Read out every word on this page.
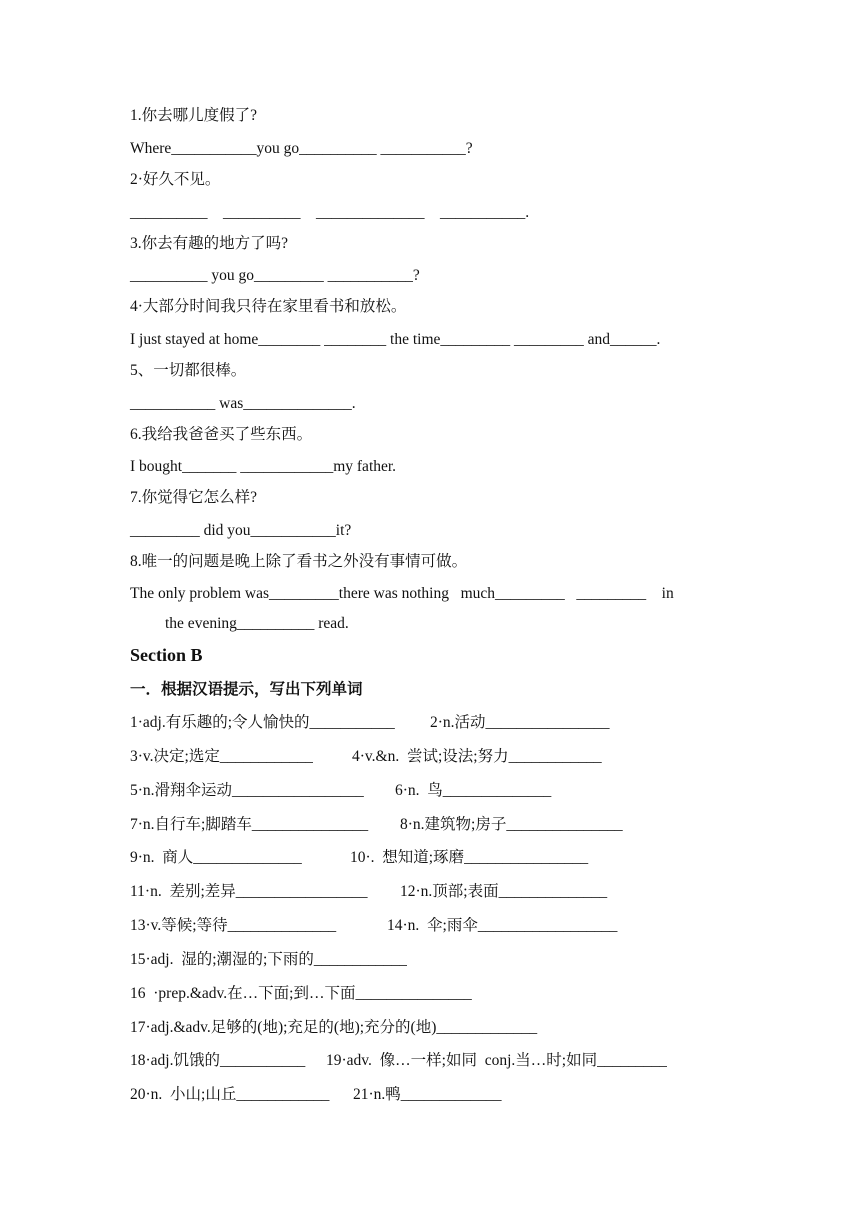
1.你去哪儿度假了?
Where___________you go__________ ___________?
2·好久不见。
__________    __________    ______________    ___________.
3.你去有趣的地方了吗?
__________ you go_________ ___________?
4·大部分时间我只待在家里看书和放松。
I just stayed at home________ ________ the time_________ _________ and______.
5、一切都很棒。
___________ was______________.
6.我给我爸爸买了些东西。
I bought_______ ____________my father.
7.你觉得它怎么样?
_________ did you___________it?
8.唯一的问题是晚上除了看书之外没有事情可做。
The only problem was_________there was nothing   much_________   _________    in
the evening__________ read.
Section B
一．根据汉语提示，写出下列单词
1·adj.有乐趣的;令人愉快的___________ 2·n.活动________________
3·v.决定;选定____________	4·v.&n.  尝试;设法;努力____________
5·n.滑翔伞运动_________________ 6·n.  鸟______________
7·n.自行车;脚踏车_______________ 8·n.建筑物;房子_______________
9·n.  商人______________	10·.  想知道;琢磨________________
11·n.  差别;差异_________________ 12·n.顶部;表面______________
13·v.等候;等待______________	14·n.  伞;雨伞__________________
15·adj.  湿的;潮湿的;下雨的____________
16  ·prep.&adv.在…下面;到…下面_______________
17·adj.&adv.足够的(地);充足的(地);充分的(地)_____________
18·adj.饥饿的___________ 19·adv.  像…一样;如同  conj.当…时;如同_________
20·n.  小山;山丘____________ 21·n.鸭_____________
